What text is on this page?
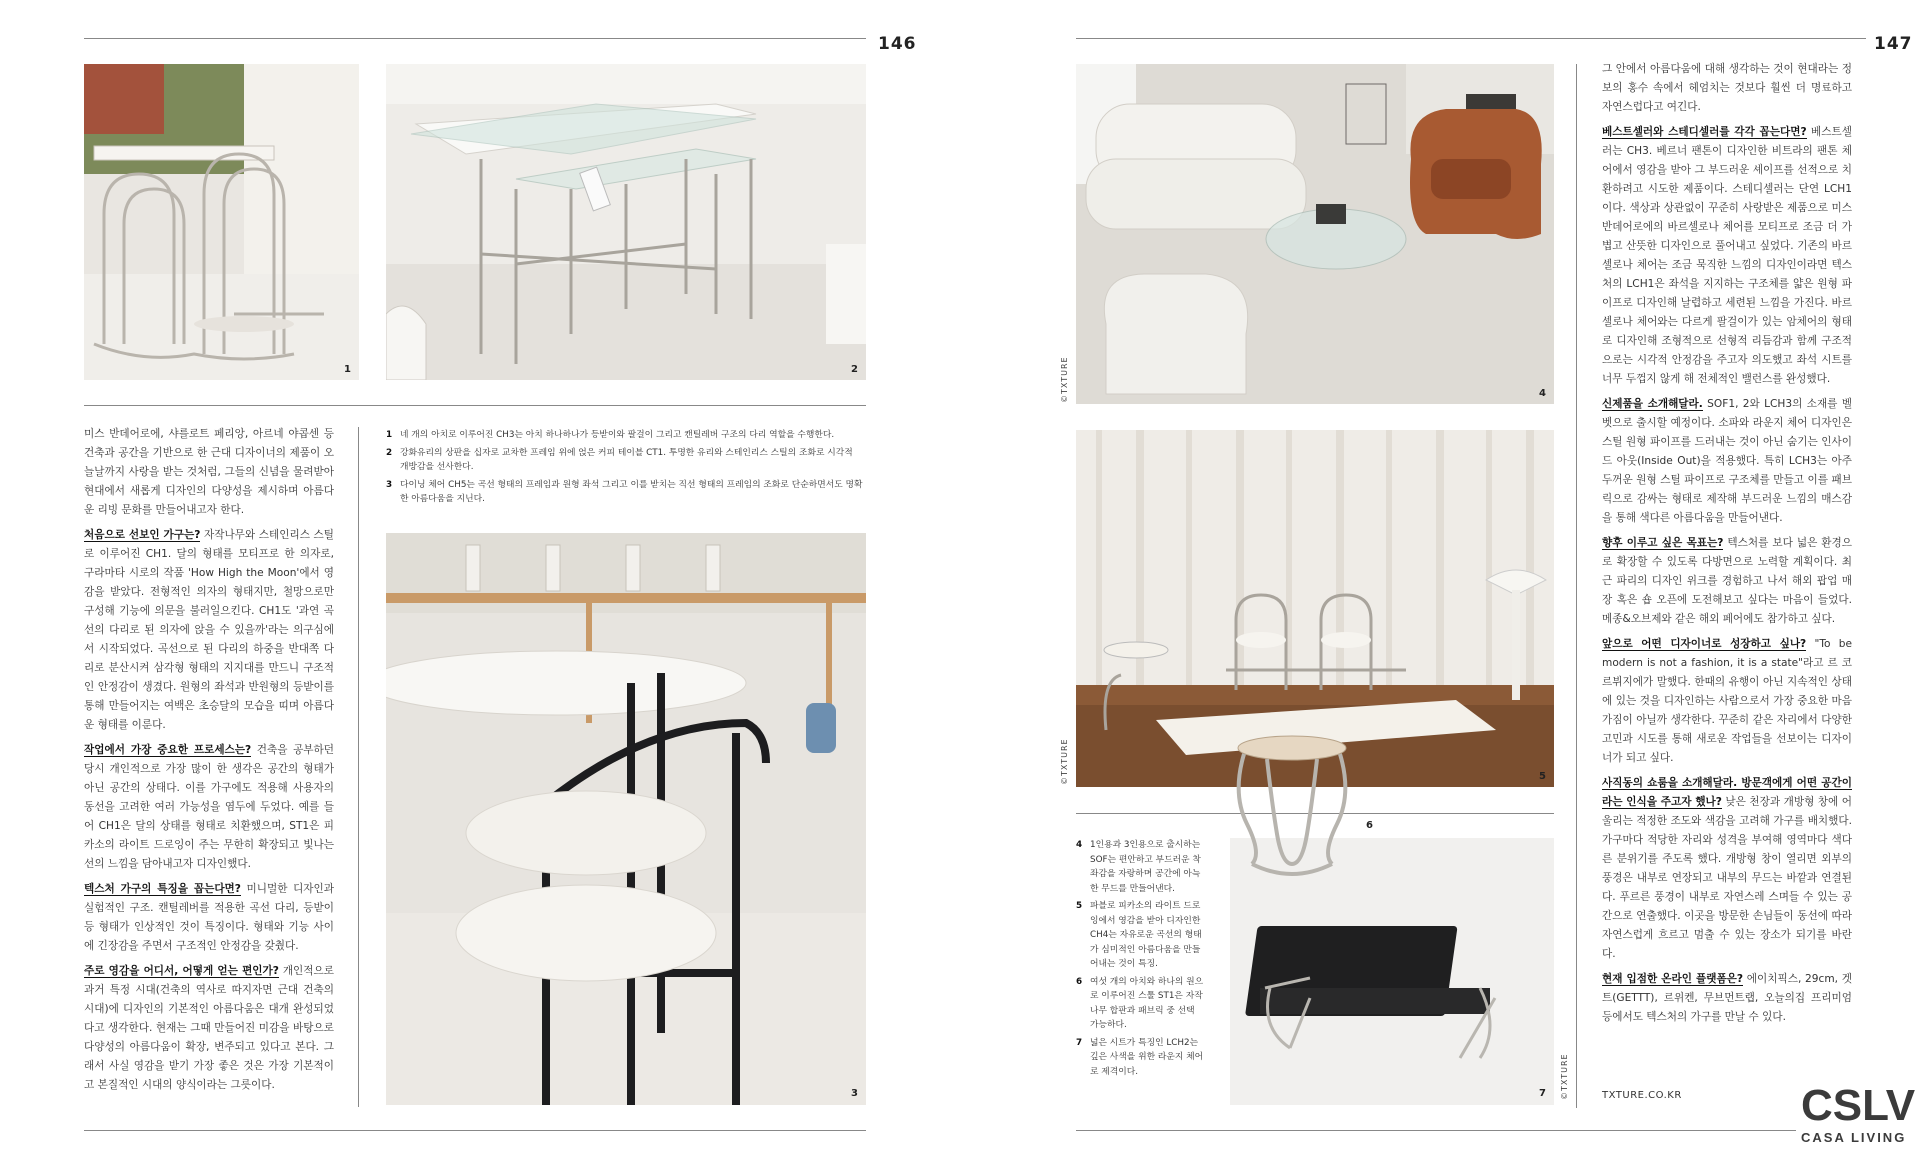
146
1	2

미스 반데어로에, 샤를로트 페리앙, 아르네 야콥센 등 건축과 공간을 기반으로 한 근대 디자이너의 제품이 오늘날까지 사랑을 받는 것처럼, 그들의 신념을 물려받아 현대에서 새롭게 디자인의 다양성을 제시하며 아름다운 리빙 문화를 만들어내고자 한다.

처음으로 선보인 가구는? 자작나무와 스테인리스 스틸로 이루어진 CH1. 달의 형태를 모티프로 한 의자로, 구라마타 시로의 작품 'How High the Moon'에서 영감을 받았다. 전형적인 의자의 형태지만, 철망으로만 구성해 기능에 의문을 불러일으킨다. CH1도 '과연 곡선의 다리로 된 의자에 앉을 수 있을까'라는 의구심에서 시작되었다. 곡선으로 된 다리의 하중을 반대쪽 다리로 분산시켜 삼각형 형태의 지지대를 만드니 구조적인 안정감이 생겼다. 원형의 좌석과 반원형의 등받이를 통해 만들어지는 여백은 초승달의 모습을 띠며 아름다운 형태를 이룬다.

작업에서 가장 중요한 프로세스는? 건축을 공부하던 당시 개인적으로 가장 많이 한 생각은 공간의 형태가 아닌 공간의 상태다. 이를 가구에도 적용해 사용자의 동선을 고려한 여러 가능성을 염두에 두었다. 예를 들어 CH1은 달의 상태를 형태로 치환했으며, ST1은 피카소의 라이트 드로잉이 주는 무한히 확장되고 빛나는 선의 느낌을 담아내고자 디자인했다.

텍스처 가구의 특징을 꼽는다면? 미니멀한 디자인과 실험적인 구조. 캔틸레버를 적용한 곡선 다리, 등받이 등 형태가 인상적인 것이 특징이다. 형태와 기능 사이에 긴장감을 주면서 구조적인 안정감을 갖췄다.

주로 영감을 어디서, 어떻게 얻는 편인가? 개인적으로 과거 특정 시대(건축의 역사로 따지자면 근대 건축의 시대)에 디자인의 기본적인 아름다움은 대개 완성되었다고 생각한다. 현재는 그때 만들어진 미감을 바탕으로 다양성의 아름다움이 확장, 변주되고 있다고 본다. 그래서 사실 영감을 받기 가장 좋은 것은 가장 기본적이고 본질적인 시대의 양식이라는 그릇이다.

1 네 개의 아치로 이루어진 CH3는 아치 하나하나가 등받이와 팔걸이 그리고 캔틸레버 구조의 다리 역할을 수행한다.
2 강화유리의 상판을 십자로 교차한 프레임 위에 얹은 커피 테이블 CT1. 투명한 유리와 스테인리스 스틸의 조화로 시각적 개방감을 선사한다.
3 다이닝 체어 CH5는 곡선 형태의 프레임과 원형 좌석 그리고 이를 받치는 직선 형태의 프레임의 조화로 단순하면서도 명확한 아름다움을 지닌다.
3
147
4
©TXTURE
5
©TXTURE
4 1인용과 3인용으로 출시하는 SOF는 편안하고 부드러운 착좌감을 자랑하며 공간에 아늑한 무드를 만들어낸다.
5 파블로 피카소의 라이트 드로잉에서 영감을 받아 디자인한 CH4는 자유로운 곡선의 형태가 심미적인 아름다움을 만들어내는 것이 특징.
6 여섯 개의 아치와 하나의 원으로 이루어진 스툴 ST1은 자작나무 합판과 패브릭 중 선택 가능하다.
7 넓은 시트가 특징인 LCH2는 깊은 사색을 위한 라운지 체어로 제격이다.
7 ©TXTURE
6

그 안에서 아름다움에 대해 생각하는 것이 현대라는 정보의 홍수 속에서 헤엄치는 것보다 훨씬 더 명료하고 자연스럽다고 여긴다.

베스트셀러와 스테디셀러를 각각 꼽는다면? 베스트셀러는 CH3. 베르너 팬톤이 디자인한 비트라의 팬톤 체어에서 영감을 받아 그 부드러운 셰이프를 선적으로 치환하려고 시도한 제품이다. 스테디셀러는 단연 LCH1이다. 색상과 상관없이 꾸준히 사랑받은 제품으로 미스 반데어로에의 바르셀로나 체어를 모티프로 조금 더 가볍고 산뜻한 디자인으로 풀어내고 싶었다. 기존의 바르셀로나 체어는 조금 묵직한 느낌의 디자인이라면 텍스처의 LCH1은 좌석을 지지하는 구조체를 얇은 원형 파이프로 디자인해 날렵하고 세련된 느낌을 가진다. 바르셀로나 체어와는 다르게 팔걸이가 있는 암체어의 형태로 디자인해 조형적으로 선형적 리듬감과 함께 구조적으로는 시각적 안정감을 주고자 의도했고 좌석 시트를 너무 두껍지 않게 해 전체적인 밸런스를 완성했다.

신제품을 소개해달라. SOF1, 2와 LCH3의 소재를 벨벳으로 출시할 예정이다. 소파와 라운지 체어 디자인은 스틸 원형 파이프를 드러내는 것이 아닌 숨기는 인사이드 아웃(Inside Out)을 적용했다. 특히 LCH3는 아주 두꺼운 원형 스틸 파이프로 구조체를 만들고 이를 패브릭으로 감싸는 형태로 제작해 부드러운 느낌의 매스감을 통해 색다른 아름다움을 만들어낸다.

향후 이루고 싶은 목표는? 텍스처를 보다 넓은 환경으로 확장할 수 있도록 다방면으로 노력할 계획이다. 최근 파리의 디자인 위크를 경험하고 나서 해외 팝업 매장 혹은 숍 오픈에 도전해보고 싶다는 마음이 들었다. 메종&오브제와 같은 해외 페어에도 참가하고 싶다.

앞으로 어떤 디자이너로 성장하고 싶나? "To be modern is not a fashion, it is a state"라고 르 코르뷔지에가 말했다. 한때의 유행이 아닌 지속적인 상태에 있는 것을 디자인하는 사람으로서 가장 중요한 마음가짐이 아닐까 생각한다. 꾸준히 같은 자리에서 다양한 고민과 시도를 통해 새로운 작업들을 선보이는 디자이너가 되고 싶다.

사직동의 쇼룸을 소개해달라. 방문객에게 어떤 공간이라는 인식을 주고자 했나? 낮은 천장과 개방형 창에 어울리는 적정한 조도와 색감을 고려해 가구를 배치했다. 가구마다 적당한 자리와 성격을 부여해 영역마다 색다른 분위기를 주도록 했다. 개방형 창이 열리면 외부의 풍경은 내부로 연장되고 내부의 무드는 바깥과 연결된다. 푸르른 풍경이 내부로 자연스레 스며들 수 있는 공간으로 연출했다. 이곳을 방문한 손님들이 동선에 따라 자연스럽게 흐르고 멈출 수 있는 장소가 되기를 바란다.

현재 입점한 온라인 플랫폼은? 에이치픽스, 29cm, 겟트(GETTT), 르위켄, 무브먼트랩, 오늘의집 프리미엄 등에서도 텍스처의 가구를 만날 수 있다.

TXTURE.CO.KR	CSLV
CASA LIVING
